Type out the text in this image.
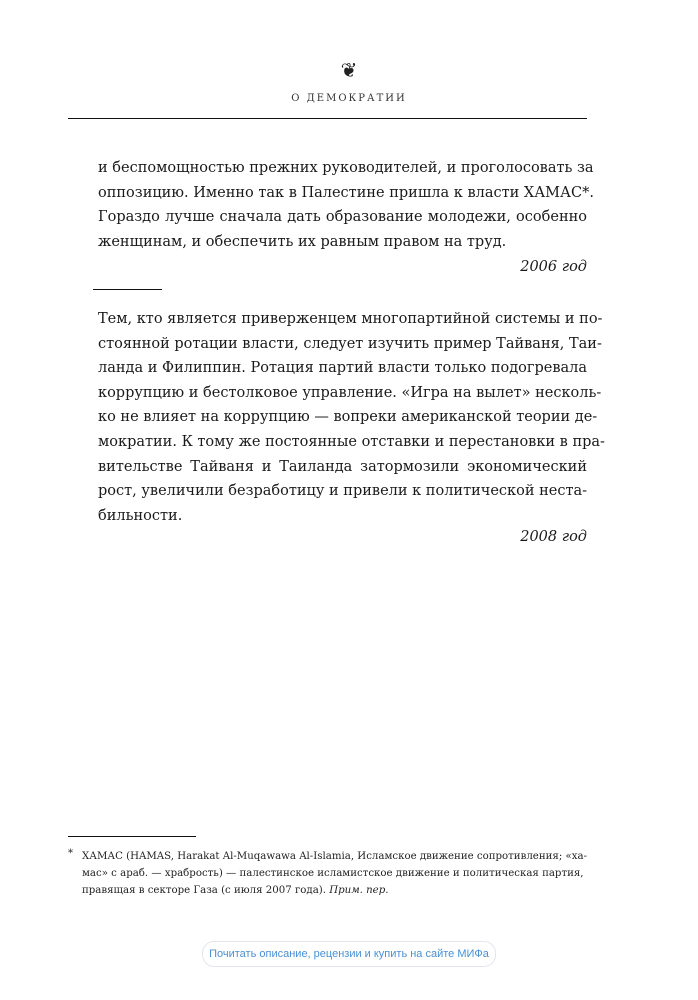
❦
О ДЕМОКРАТИИ
и беспомощностью прежних руководителей, и проголосовать за
оппозицию. Именно так в Палестине пришла к власти ХАМАС*.
Гораздо лучше сначала дать образование молодежи, особенно
женщинам, и обеспечить их равным правом на труд.
2006 год
Тем, кто является приверженцем многопартийной системы и по-
стоянной ротации власти, следует изучить пример Тайваня, Таи-
ланда и Филиппин. Ротация партий власти только подогревала
коррупцию и бестолковое управление. «Игра на вылет» несколь-
ко не влияет на коррупцию — вопреки американской теории де-
мократии. К тому же постоянные отставки и перестановки в пра-
вительстве Тайваня и Таиланда затормозили экономический
рост, увеличили безработицу и привели к политической неста-
бильности.
2008 год
* ХАМАС (HAMAS, Harakat Al-Muqawawa Al-Islamia, Исламское движение сопротивления; «ха-
мас» с араб. — храбрость) — палестинское исламистское движение и политическая партия,
правящая в секторе Газа (с июля 2007 года). Прим. пер.
Почитать описание, рецензии и купить на сайте МИФа
